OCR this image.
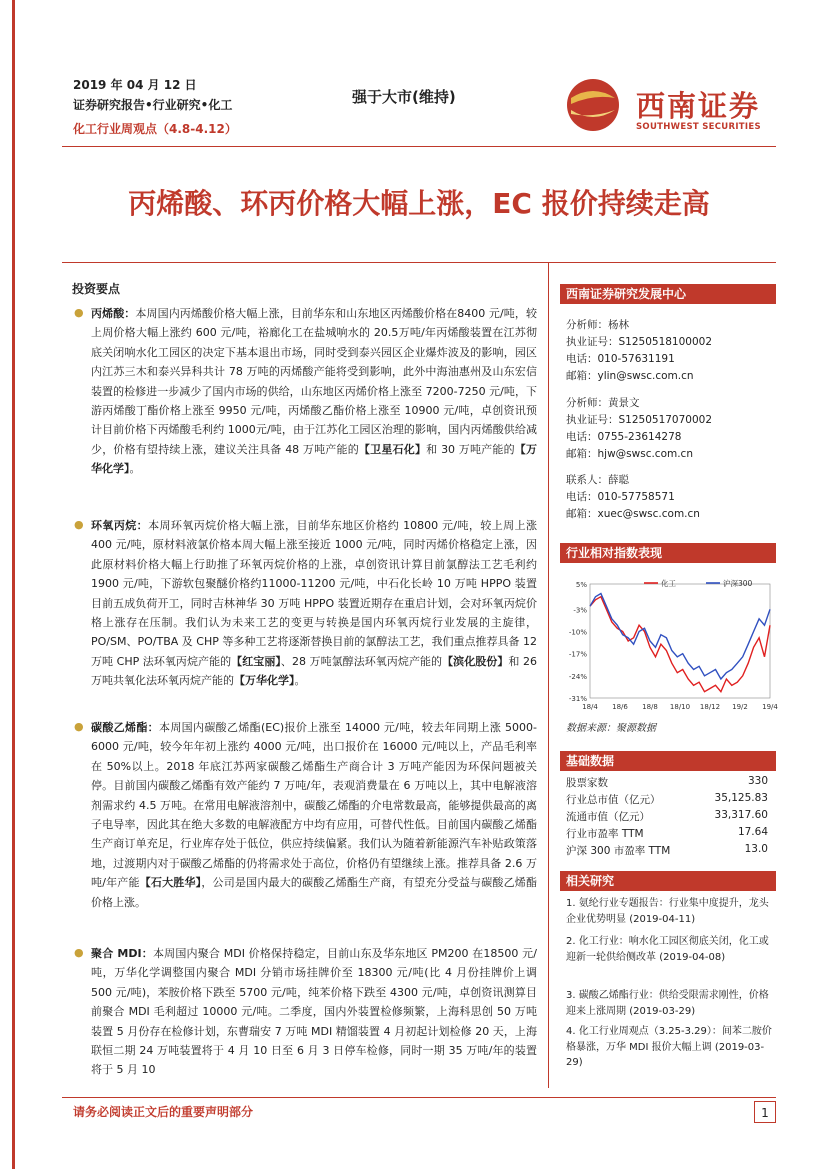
2019 年 04 月 12 日
证券研究报告•行业研究•化工
化工行业周观点（4.8-4.12）
强于大市(维持)	西南证券
SOUTHWEST SECURITIES
丙烯酸、环丙价格大幅上涨，EC 报价持续走高
投资要点
● 丙烯酸：本周国内丙烯酸价格大幅上涨，目前华东和山东地区丙烯酸价格在8400 元/吨，较上周价格大幅上涨约 600 元/吨，裕廊化工在盐城响水的 20.5万吨/年丙烯酸装置在江苏彻底关闭响水化工园区的决定下基本退出市场，同时受到泰兴园区企业爆炸波及的影响，园区内江苏三木和泰兴异科共计 78 万吨的丙烯酸产能将受到影响，此外中海油惠州及山东宏信装置的检修进一步减少了国内市场的供给，山东地区丙烯价格上涨至 7200-7250 元/吨，下游丙烯酸丁酯价格上涨至 9950 元/吨，丙烯酸乙酯价格上涨至 10900 元/吨，卓创资讯预计目前价格下丙烯酸毛利约 1000元/吨，由于江苏化工园区治理的影响，国内丙烯酸供给减少，价格有望持续上涨，建议关注具备 48 万吨产能的【卫星石化】和 30 万吨产能的【万华化学】。
● 环氧丙烷：本周环氧丙烷价格大幅上涨，目前华东地区价格约 10800 元/吨，较上周上涨 400 元/吨，原材料液氯价格本周大幅上涨至接近 1000 元/吨，同时丙烯价格稳定上涨，因此原材料价格大幅上行助推了环氧丙烷价格的上涨，卓创资讯计算目前氯醇法工艺毛利约 1900 元/吨，下游软包聚醚价格约11000-11200 元/吨，中石化长岭 10 万吨 HPPO 装置目前五成负荷开工，同时吉林神华 30 万吨 HPPO 装置近期存在重启计划，会对环氧丙烷价格上涨存在压制。我们认为未来工艺的变更与转换是国内环氧丙烷行业发展的主旋律，PO/SM、PO/TBA 及 CHP 等多种工艺将逐渐替换目前的氯醇法工艺，我们重点推荐具备 12 万吨 CHP 法环氧丙烷产能的【红宝丽】、28 万吨氯醇法环氧丙烷产能的【滨化股份】和 26 万吨共氧化法环氧丙烷产能的【万华化学】。
● 碳酸乙烯酯：本周国内碳酸乙烯酯(EC)报价上涨至 14000 元/吨，较去年同期上涨 5000-6000 元/吨，较今年年初上涨约 4000 元/吨，出口报价在 16000 元/吨以上，产品毛利率在 50%以上。2018 年底江苏两家碳酸乙烯酯生产商合计 3 万吨产能因为环保问题被关停。目前国内碳酸乙烯酯有效产能约 7 万吨/年，表观消费量在 6 万吨以上，其中电解液溶剂需求约 4.5 万吨。在常用电解液溶剂中，碳酸乙烯酯的介电常数最高，能够提供最高的离子电导率，因此其在绝大多数的电解液配方中均有应用，可替代性低。目前国内碳酸乙烯酯生产商订单充足，行业库存处于低位，供应持续偏紧。我们认为随着新能源汽车补贴政策落地，过渡期内对于碳酸乙烯酯的仍将需求处于高位，价格仍有望继续上涨。推荐具备 2.6 万吨/年产能【石大胜华】，公司是国内最大的碳酸乙烯酯生产商，有望充分受益与碳酸乙烯酯价格上涨。
● 聚合 MDI：本周国内聚合 MDI 价格保持稳定，目前山东及华东地区 PM200 在18500 元/吨，万华化学调整国内聚合 MDI 分销市场挂牌价至 18300 元/吨(比 4 月份挂牌价上调 500 元/吨)，苯胺价格下跌至 5700 元/吨，纯苯价格下跌至 4300 元/吨，卓创资讯测算目前聚合 MDI 毛利超过 10000 元/吨。二季度，国内外装置检修频繁，上海科思创 50 万吨装置 5 月份存在检修计划，东曹瑞安 7 万吨 MDI 精馏装置 4 月初起计划检修 20 天，上海联恒二期 24 万吨装置将于 4 月 10 日至 6 月 3 日停车检修，同时一期 35 万吨/年的装置将于 5 月 10
西南证券研究发展中心
分析师：杨林
执业证号：S1250518100002
电话：010-57631191
邮箱：ylin@swsc.com.cn
分析师：黄景文
执业证号：S1250517070002
电话：0755-23614278
邮箱：hjw@swsc.com.cn
联系人：薛聪
电话：010-57758571
邮箱：xuec@swsc.com.cn
行业相对指数表现
5%
-3%
-10%
-17%
-24%
-31%
18/4 18/6 18/8 18/10 18/12 19/2 19/4
化工	沪深300
数据来源：聚源数据
基础数据
股票家数	330
行业总市值（亿元）	35,125.83
流通市值（亿元）	33,317.60
行业市盈率 TTM	17.64
沪深 300 市盈率 TTM	13.0
相关研究
1. 氨纶行业专题报告：行业集中度提升，龙头企业优势明显 (2019-04-11)
2. 化工行业：响水化工园区彻底关闭，化工或迎新一轮供给侧改革 (2019-04-08)
3. 碳酸乙烯酯行业：供给受限需求刚性，价格迎来上涨周期 (2019-03-29)
4. 化工行业周观点（3.25-3.29）：间苯二胺价格暴涨，万华 MDI 报价大幅上调 (2019-03-29)
请务必阅读正文后的重要声明部分	1
